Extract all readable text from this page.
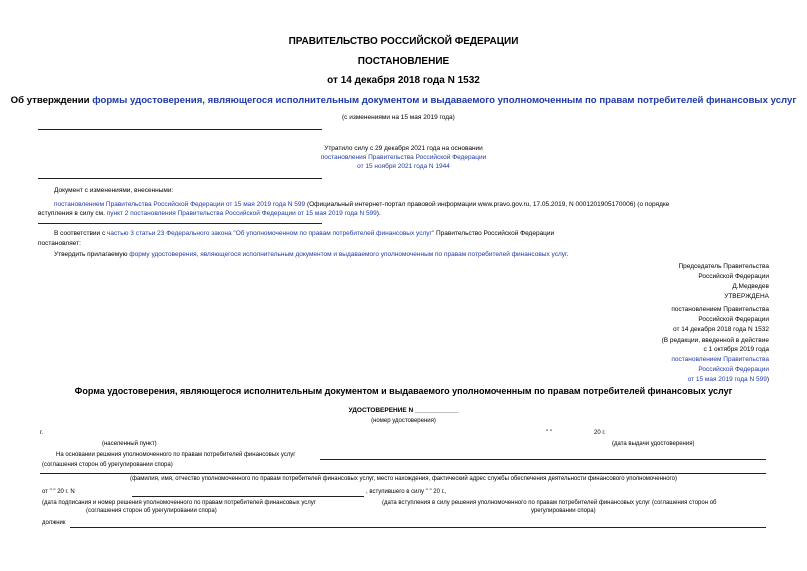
ПРАВИТЕЛЬСТВО РОССИЙСКОЙ ФЕДЕРАЦИИ
ПОСТАНОВЛЕНИЕ
от 14 декабря 2018 года N 1532
Об утверждении формы удостоверения, являющегося исполнительным документом и выдаваемого уполномоченным по правам потребителей финансовых услуг
(с изменениями на 15 мая 2019 года)
Утратило силу с 29 декабря 2021 года на основании
постановления Правительства Российской Федерации
от 15 ноября 2021 года N 1944
Документ с изменениями, внесенными:
постановлением Правительства Российской Федерации от 15 мая 2019 года N 599 (Официальный интернет-портал правовой информации www.pravo.gov.ru, 17.05.2019, N 0001201905170006) (о порядке
вступления в силу см. пункт 2 постановления Правительства Российской Федерации от 15 мая 2019 года N 599).
В соответствии с частью 3 статьи 23 Федерального закона "Об уполномоченном по правам потребителей финансовых услуг" Правительство Российской Федерации
постановляет:
Утвердить прилагаемую форму удостоверения, являющегося исполнительным документом и выдаваемого уполномоченным по правам потребителей финансовых услуг.
Председатель Правительства
Российской Федерации
Д.Медведев
УТВЕРЖДЕНА
постановлением Правительства
Российской Федерации
от 14 декабря 2018 года N 1532
(В редакции, введенной в действие
с 1 октября 2019 года
постановлением Правительства
Российской Федерации
от 15 мая 2019 года N 599)
Форма удостоверения, являющегося исполнительным документом и выдаваемого уполномоченным по правам потребителей финансовых услуг
УДОСТОВЕРЕНИЕ N ____________
(номер удостоверения)
г.	" "	20 г.
(населенный пункт)	(дата выдачи удостоверения)
На основании решения уполномоченного по правам потребителей финансовых услуг
(соглашения сторон об урегулировании спора)
(фамилия, имя, отчество уполномоченного по правам потребителей финансовых услуг, место нахождения, фактический адрес службы обеспечения деятельности финансового уполномоченного)
от " " 20 г. N	, вступившего в силу " " 20 г.,
(дата подписания и номер решения уполномоченного по правам потребителей финансовых услуг
(соглашения сторон об урегулировании спора)
(дата вступления в силу решения уполномоченного по правам потребителей финансовых услуг (соглашения сторон об
урегулировании спора)
должник
